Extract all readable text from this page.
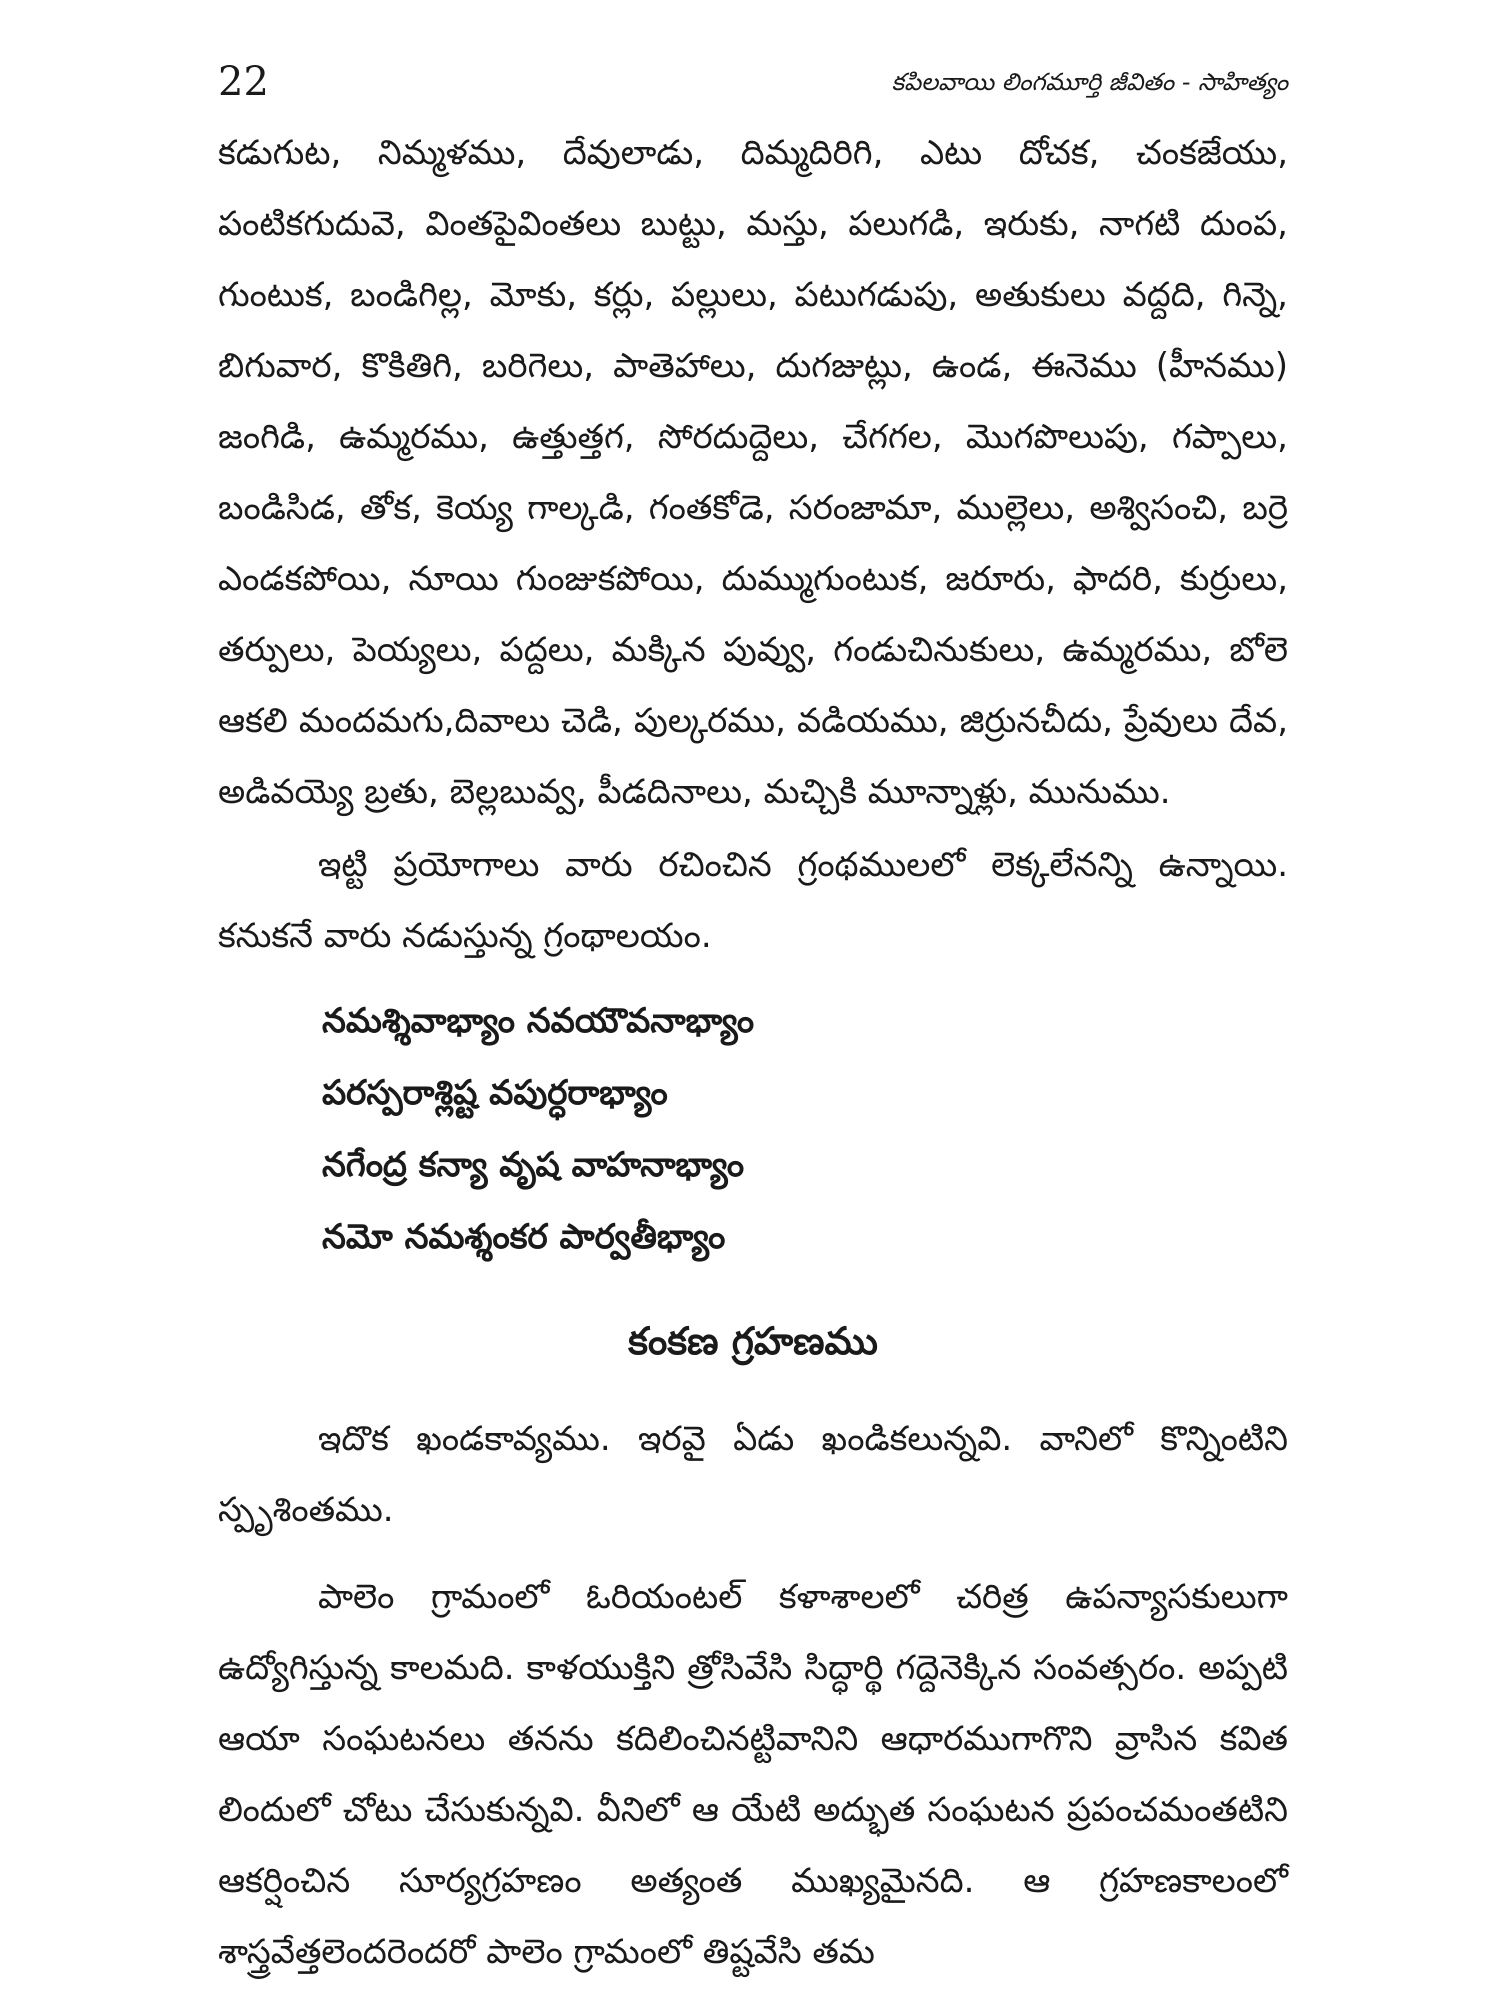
22	కపిలవాయి లింగమూర్తి జీవితం - సాహిత్యం

కడుగుట, నిమ్మళము, దేవులాడు, దిమ్మదిరిగి, ఎటు దోచక, చంకజేయు, పంటికగుదువె, వింతపైవింతలు బుట్టు, మస్తు, పలుగడి, ఇరుకు, నాగటి దుంప, గుంటుక, బండిగిల్ల, మోకు, కర్లు, పల్లులు, పటుగడుపు, అతుకులు వద్దది, గిన్నె, బిగువార, కొకితిగి, బరిగెలు, పాతెహాలు, దుగజుట్లు, ఉండ, ఈనెము (హీనము) జంగిడి, ఉమ్మరము, ఉత్తుత్తగ, సోరదుద్దెలు, చేగగల, మొగపొలుపు, గప్పాలు, బండిసిడ, తోక, కెయ్య గాల్కడి, గంతకోడె, సరంజామా, ముల్లెలు, అశ్విసంచి, బర్రె ఎండకపోయి, నూయి గుంజుకపోయి, దుమ్ముగుంటుక, జరూరు, ఫాదరి, కుర్రులు, తర్పులు, పెయ్యలు, పద్దలు, మక్కిన పువ్వు, గండుచినుకులు, ఉమ్మరము, బోలె ఆకలి మందమగు,దివాలు చెడి, పుల్కరము, వడియము, జిర్రునచీదు, ప్రేవులు దేవ, అడివయ్యె బ్రతు, బెల్లబువ్వ, పీడదినాలు, మచ్చికి మూన్నాళ్లు, మునుము.

ఇట్టి ప్రయోగాలు వారు రచించిన గ్రంథములలో లెక్కలేనన్ని ఉన్నాయి. కనుకనే వారు నడుస్తున్న గ్రంథాలయం.

నమశ్శివాభ్యాం నవయౌవనాభ్యాం
పరస్పరాశ్లిష్ట వపుర్ధరాభ్యాం
నగేంద్ర కన్యా వృష వాహనాభ్యాం
నమో నమశ్శంకర పార్వతీభ్యాం
కంకణ గ్రహణము

ఇదొక ఖండకావ్యము. ఇరవై ఏడు ఖండికలున్నవి. వానిలో కొన్నింటిని స్పృశింతము.

పాలెం గ్రామంలో ఓరియంటల్ కళాశాలలో చరిత్ర ఉపన్యాసకులుగా ఉద్యోగిస్తున్న కాలమది. కాళయుక్తిని త్రోసివేసి సిద్ధార్థి గద్దెనెక్కిన సంవత్సరం. అప్పటి ఆయా సంఘటనలు తనను కదిలించినట్టివానిని ఆధారముగాగొని వ్రాసిన కవిత లిందులో చోటు చేసుకున్నవి. వీనిలో ఆ యేటి అద్భుత సంఘటన ప్రపంచమంతటిని ఆకర్షించిన సూర్యగ్రహణం అత్యంత ముఖ్యమైనది. ఆ గ్రహణకాలంలో శాస్త్రవేత్తలెందరెందరో పాలెం గ్రామంలో తిష్టవేసి తమ
